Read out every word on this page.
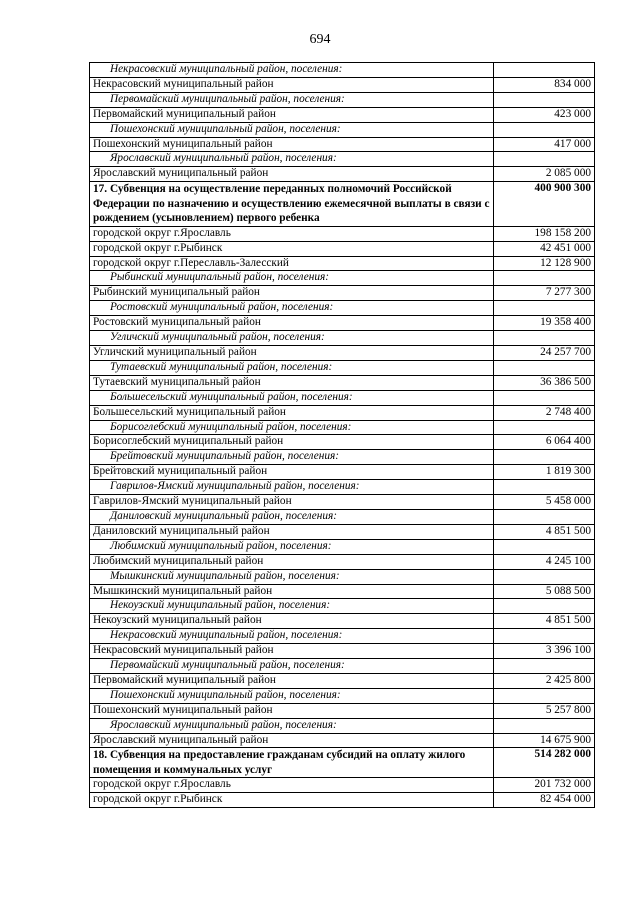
694
Некрасовский муниципальный район, поселения:	
Некрасовский муниципальный район	834 000
Первомайский муниципальный район, поселения:	
Первомайский муниципальный район	423 000
Пошехонский муниципальный район, поселения:	
Пошехонский муниципальный район	417 000
Ярославский муниципальный район, поселения:	
Ярославский муниципальный район	2 085 000
17. Субвенция на осуществление переданных полномочий Российской Федерации по назначению и осуществлению ежемесячной выплаты в связи с рождением (усыновлением) первого ребенка	400 900 300
городской округ г.Ярославль	198 158 200
городской округ г.Рыбинск	42 451 000
городской округ г.Переславль-Залесский	12 128 900
Рыбинский муниципальный район, поселения:	
Рыбинский муниципальный район	7 277 300
Ростовский муниципальный район, поселения:	
Ростовский муниципальный район	19 358 400
Угличский муниципальный район, поселения:	
Угличский муниципальный район	24 257 700
Тутаевский муниципальный район, поселения:	
Тутаевский муниципальный район	36 386 500
Большесельский муниципальный район, поселения:	
Большесельский муниципальный район	2 748 400
Борисоглебский муниципальный район, поселения:	
Борисоглебский муниципальный район	6 064 400
Брейтовский муниципальный район, поселения:	
Брейтовский муниципальный район	1 819 300
Гаврилов-Ямский муниципальный район, поселения:	
Гаврилов-Ямский муниципальный район	5 458 000
Даниловский муниципальный район, поселения:	
Даниловский муниципальный район	4 851 500
Любимский муниципальный район, поселения:	
Любимский муниципальный район	4 245 100
Мышкинский муниципальный район, поселения:	
Мышкинский муниципальный район	5 088 500
Некоузский муниципальный район, поселения:	
Некоузский муниципальный район	4 851 500
Некрасовский муниципальный район, поселения:	
Некрасовский муниципальный район	3 396 100
Первомайский муниципальный район, поселения:	
Первомайский муниципальный район	2 425 800
Пошехонский муниципальный район, поселения:	
Пошехонский муниципальный район	5 257 800
Ярославский муниципальный район, поселения:	
Ярославский муниципальный район	14 675 900
18. Субвенция на предоставление гражданам субсидий на оплату жилого помещения и коммунальных услуг	514 282 000
городской округ г.Ярославль	201 732 000
городской округ г.Рыбинск	82 454 000
